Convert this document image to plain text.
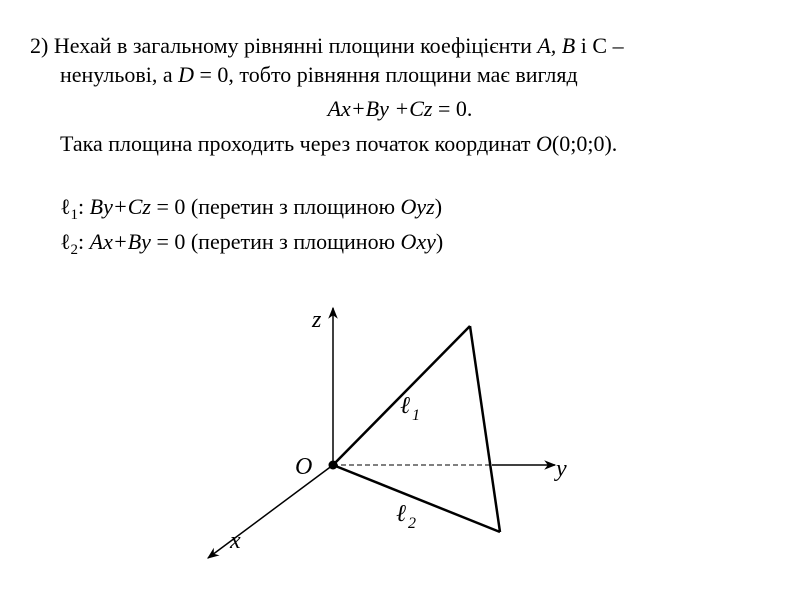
2) Нехай в загальному рівнянні площини коефіцієнти A, B і C –
ненульові, а D = 0, тобто рівняння площини має вигляд
Ax+By +Cz = 0.
Така площина проходить через початок координат O(0;0;0).
ℓ$_1$: By+Cz = 0 (перетин з площиною Oyz)
ℓ$_2$: Ax+By = 0 (перетин з площиною Oxy)
z
y
x
O
ℓ 1
ℓ 2
